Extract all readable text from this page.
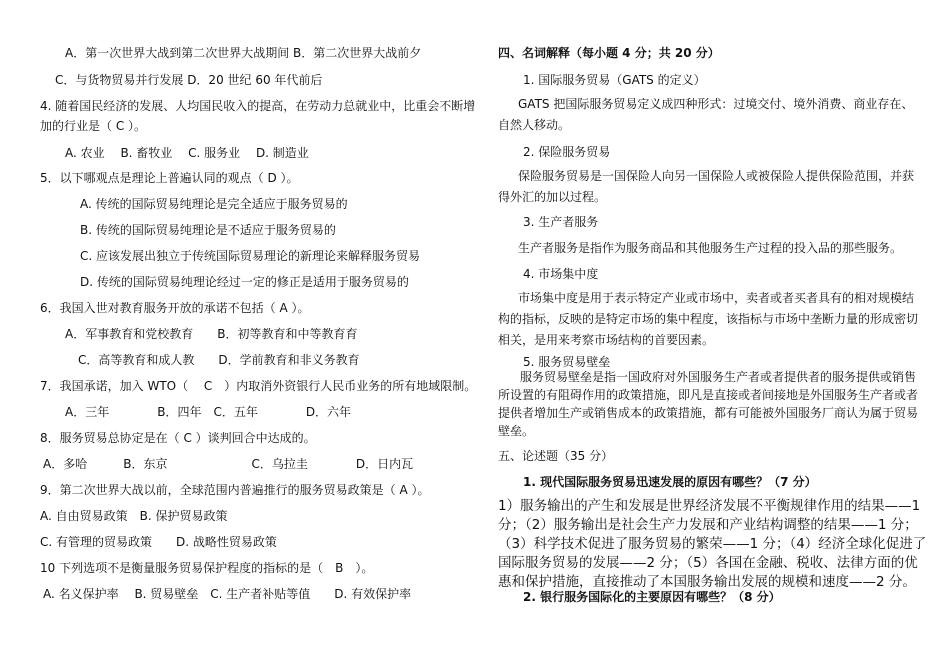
A．第一次世界大战到第二次世界大战期间 B．第二次世界大战前夕
C．与货物贸易并行发展 D．20 世纪 60 年代前后
4. 随着国民经济的发展、人均国民收入的提高，在劳动力总就业中，比重会不断增
加的行业是（ C ）。
A. 农业　 B. 畜牧业　 C. 服务业　 D. 制造业
5．以下哪观点是理论上普遍认同的观点（ D ）。
A. 传统的国际贸易纯理论是完全适应于服务贸易的
B. 传统的国际贸易纯理论是不适应于服务贸易的
C. 应该发展出独立于传统国际贸易理论的新理论来解释服务贸易
D. 传统的国际贸易纯理论经过一定的修正是适用于服务贸易的
6．我国入世对教育服务开放的承诺不包括（ A ）。
A．军事教育和党校教育　　B．初等教育和中等教育育
C．高等教育和成人教　　D．学前教育和非义务教育
7．我国承诺，加入 WTO（　 C　）内取消外资银行人民币业务的所有地域限制。
A．三年　　　　B．四年　C．五年　　　　D．六年
8．服务贸易总协定是在（ C ）谈判回合中达成的。
A．多哈　　　B．东京　　　　　　　C．乌拉圭　　　　D．日内瓦
9．第二次世界大战以前，全球范围内普遍推行的服务贸易政策是（ A ）。
A. 自由贸易政策　B. 保护贸易政策
C. 有管理的贸易政策　　D. 战略性贸易政策
10 下列选项不是衡量服务贸易保护程度的指标的是（　B　）。
A. 名义保护率　 B. 贸易壁垒　C. 生产者补贴等值　　D. 有效保护率
四、名词解释（每小题 4 分；共 20 分）
1. 国际服务贸易（GATS 的定义）
GATS 把国际服务贸易定义成四种形式：过境交付、境外消费、商业存在、自然人移动。
2. 保险服务贸易
保险服务贸易是一国保险人向另一国保险人或被保险人提供保险范围，并获得外汇的加以过程。
3. 生产者服务
生产者服务是指作为服务商品和其他服务生产过程的投入品的那些服务。
4. 市场集中度
市场集中度是用于表示特定产业或市场中，卖者或者买者具有的相对规模结构的指标，反映的是特定市场的集中程度，该指标与市场中垄断力量的形成密切相关，是用来考察市场结构的首要因素。
5. 服务贸易壁垒
服务贸易壁垒是指一国政府对外国服务生产者或者提供者的服务提供或销售所设置的有阻碍作用的政策措施，即凡是直接或者间接地是外国服务生产者或者提供者增加生产或销售成本的政策措施，都有可能被外国服务厂商认为属于贸易壁垒。
五、论述题（35 分）
1. 现代国际服务贸易迅速发展的原因有哪些？（7 分）
1）服务输出的产生和发展是世界经济发展不平衡规律作用的结果——1 分；（2）服务输出是社会生产力发展和产业结构调整的结果——1 分；（3）科学技术促进了服务贸易的繁荣——1 分；（4）经济全球化促进了国际服务贸易的发展——2 分；（5）各国在金融、税收、法律方面的优惠和保护措施，直接推动了本国服务输出发展的规模和速度——2 分。
2. 银行服务国际化的主要原因有哪些？（8 分）
